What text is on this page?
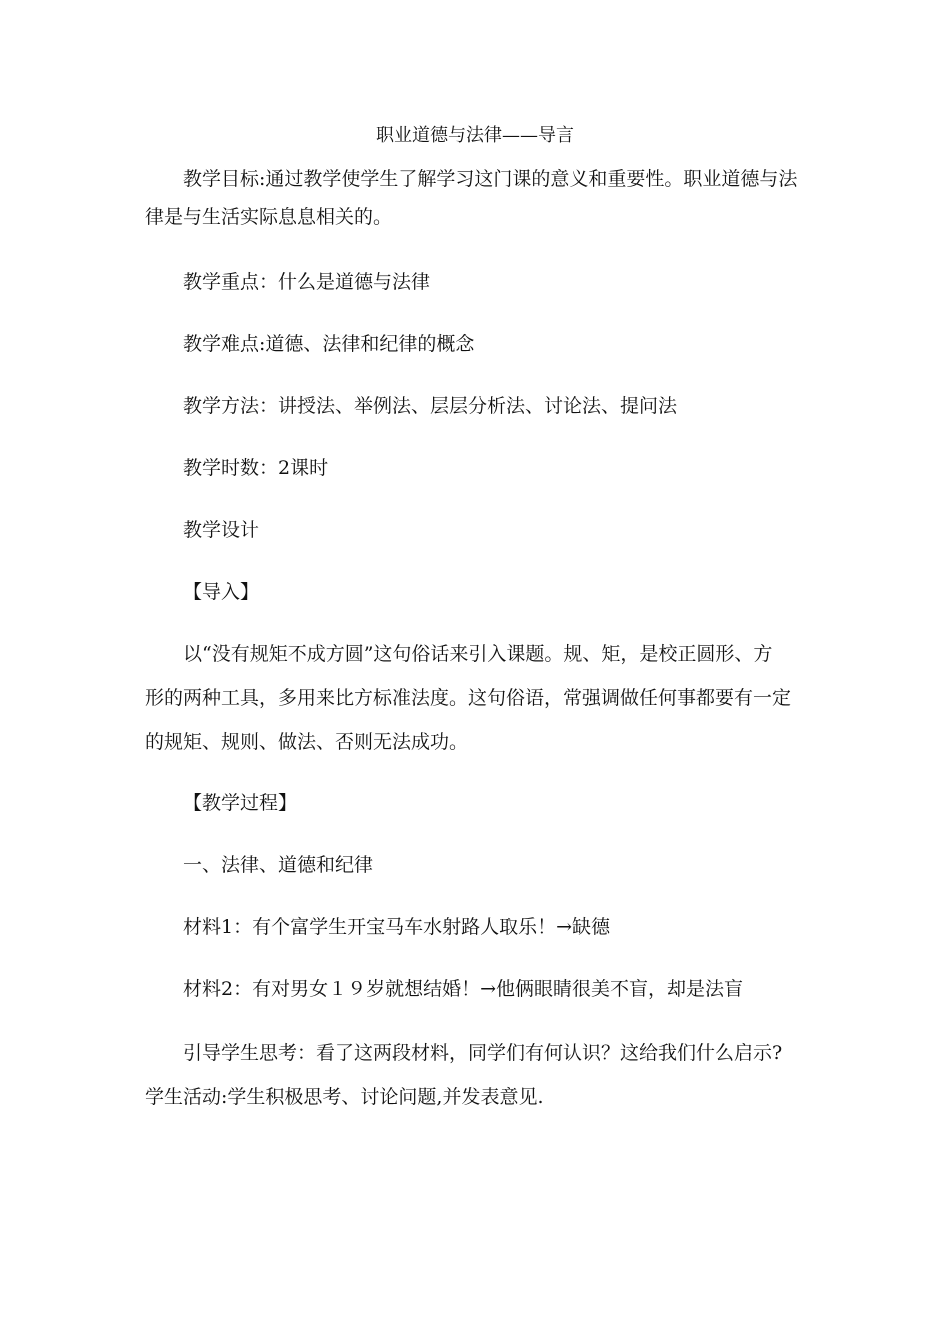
职业道德与法律——导言
教学目标:通过教学使学生了解学习这门课的意义和重要性。职业道德与法
律是与生活实际息息相关的。
教学重点：什么是道德与法律
教学难点:道德、法律和纪律的概念
教学方法：讲授法、举例法、层层分析法、讨论法、提问法
教学时数：2课时
教学设计
【导入】
以“没有规矩不成方圆”这句俗话来引入课题。规、矩，是校正圆形、方
形的两种工具，多用来比方标准法度。这句俗语，常强调做任何事都要有一定
的规矩、规则、做法、否则无法成功。
【教学过程】
一、法律、道德和纪律
材料1：有个富学生开宝马车水射路人取乐！→缺德
材料2：有对男女１９岁就想结婚！→他俩眼睛很美不盲，却是法盲
引导学生思考：看了这两段材料，同学们有何认识？这给我们什么启示?
学生活动:学生积极思考、讨论问题,并发表意见.
